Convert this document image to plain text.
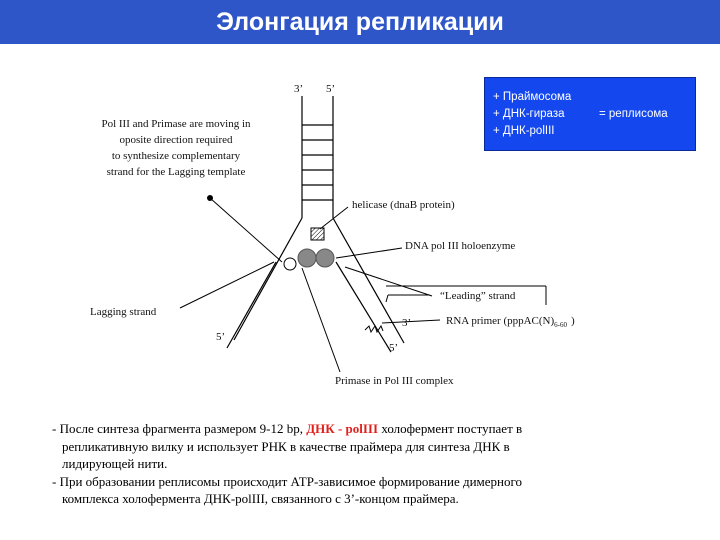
Элонгация репликации
+ Праймосома
+ ДНК-гираза
+ ДНК-polIII
= реплисома
3’ 5’
Pol III and Primase are moving in
oposite direction required
to synthesize complementary
strand for the Lagging template
helicase (dnaB protein)
DNA pol III holoenzyme
“Leading” strand
Lagging strand
RNA primer ($pppAC(N)_{6-60}$ )
5’
3’
5’
Primase in Pol III complex

- После синтеза фрагмента размером 9-12 bp, ДНК - polIII холофермент поступает в

репликативную вилку и использует РНК в качестве праймера для синтеза ДНК в

лидирующей нити.

- При образовании реплисомы происходит АТР-зависимое формирование димерного

комплекса холофермента ДНК-polIII, связанного с 3’-концом праймера.
